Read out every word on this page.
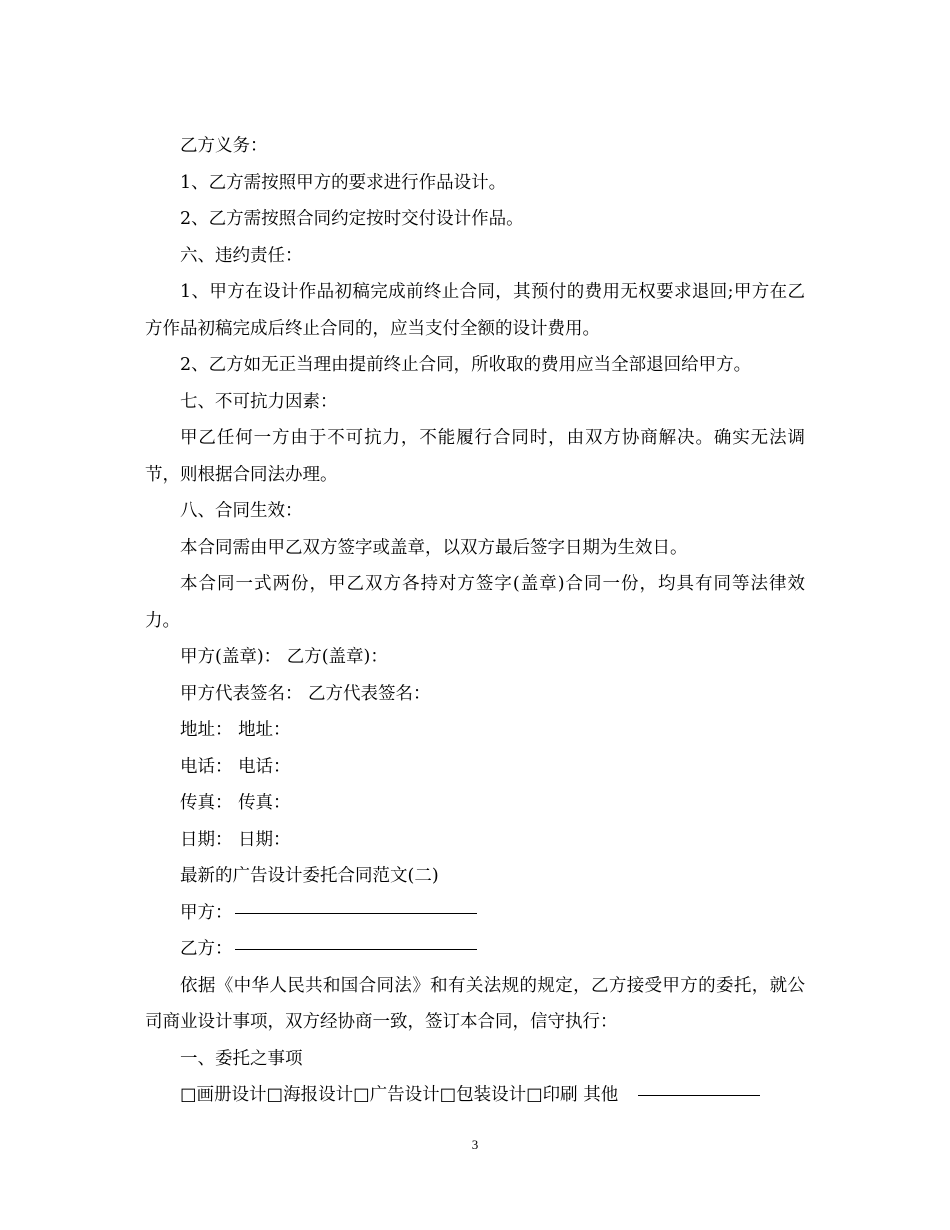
乙方义务：

1、乙方需按照甲方的要求进行作品设计。

2、乙方需按照合同约定按时交付设计作品。

六、违约责任：

1、甲方在设计作品初稿完成前终止合同，其预付的费用无权要求退回;甲方在乙方作品初稿完成后终止合同的，应当支付全额的设计费用。

2、乙方如无正当理由提前终止合同，所收取的费用应当全部退回给甲方。

七、不可抗力因素：

甲乙任何一方由于不可抗力，不能履行合同时，由双方协商解决。确实无法调节，则根据合同法办理。

八、合同生效：

本合同需由甲乙双方签字或盖章，以双方最后签字日期为生效日。

本合同一式两份，甲乙双方各持对方签字(盖章)合同一份，均具有同等法律效力。

甲方(盖章)： 乙方(盖章)：

甲方代表签名： 乙方代表签名：

地址： 地址：

电话： 电话：

传真： 传真：

日期： 日期：

最新的广告设计委托合同范文(二)

甲方：

乙方：

依据《中华人民共和国合同法》和有关法规的规定，乙方接受甲方的委托，就公司商业设计事项，双方经协商一致，签订本合同，信守执行：

一、委托之事项

□画册设计□海报设计□广告设计□包装设计□印刷 其他

3
